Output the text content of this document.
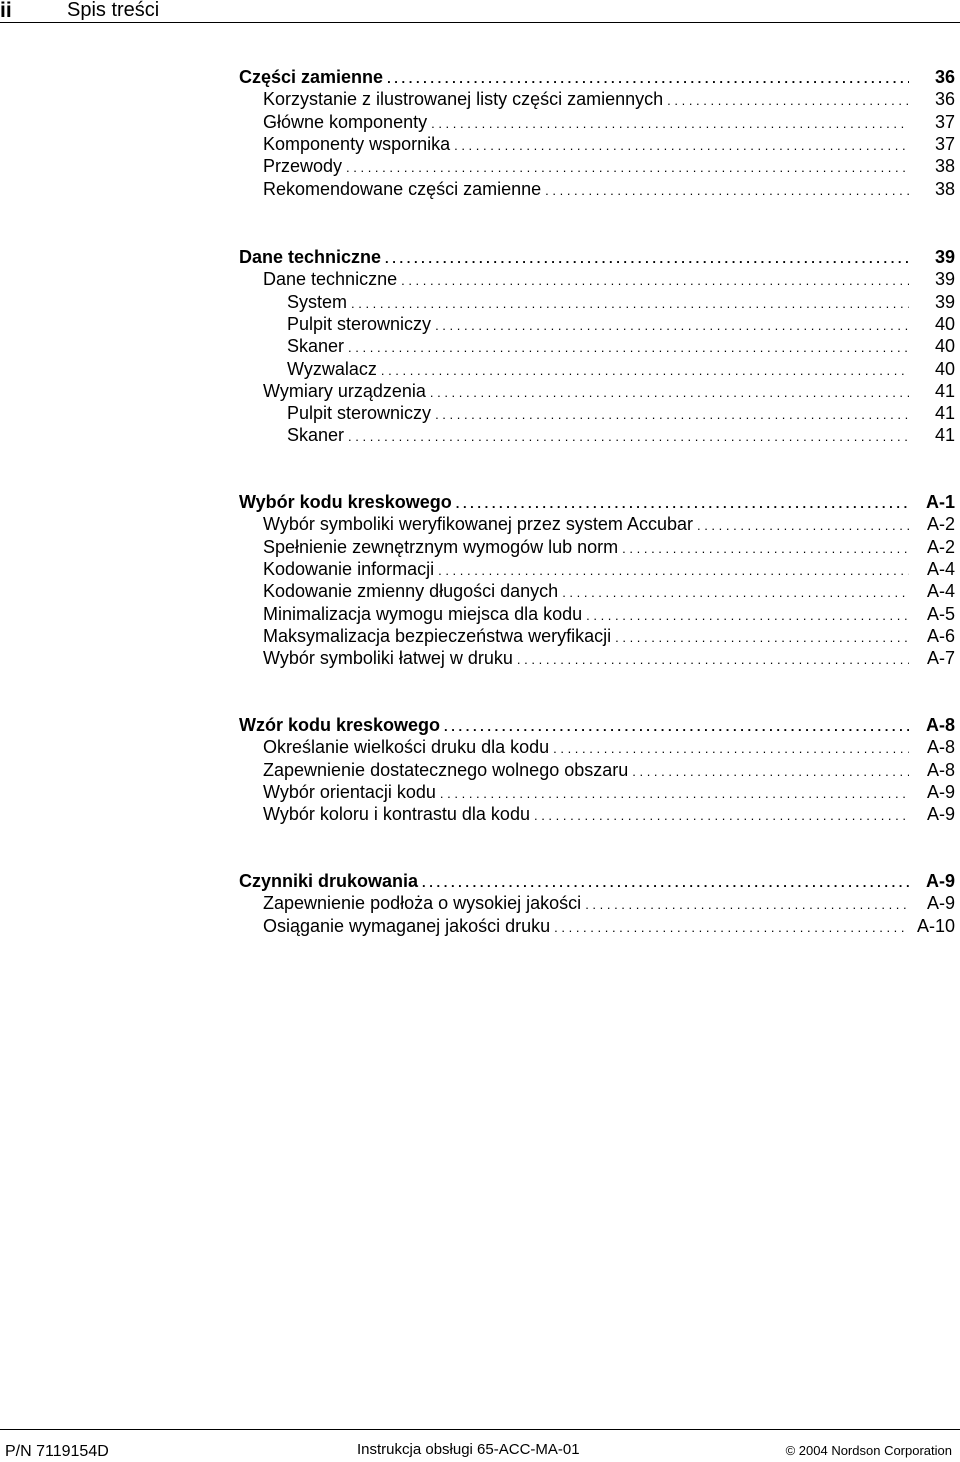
ii	Spis treści
Części zamienne . . .	36
Korzystanie z ilustrowanej listy części zamiennych . . .	36
Główne komponenty . . .	37
Komponenty wspornika . . .	37
Przewody . . .	38
Rekomendowane części zamienne . . .	38
Dane techniczne . . .	39
Dane techniczne . . .	39
System . . .	39
Pulpit sterowniczy . . .	40
Skaner . . .	40
Wyzwalacz . . .	40
Wymiary urządzenia . . .	41
Pulpit sterowniczy . . .	41
Skaner . . .	41
Wybór kodu kreskowego . . .	A-1
Wybór symboliki weryfikowanej przez system Accubar . . .	A-2
Spełnienie zewnętrznym wymogów lub norm . . .	A-2
Kodowanie informacji . . .	A-4
Kodowanie zmienny długości danych . . .	A-4
Minimalizacja wymogu miejsca dla kodu . . .	A-5
Maksymalizacja bezpieczeństwa weryfikacji . . .	A-6
Wybór symboliki łatwej w druku . . .	A-7
Wzór kodu kreskowego . . .	A-8
Określanie wielkości druku dla kodu . . .	A-8
Zapewnienie dostatecznego wolnego obszaru . . .	A-8
Wybór orientacji kodu . . .	A-9
Wybór koloru i kontrastu dla kodu . . .	A-9
Czynniki drukowania . . .	A-9
Zapewnienie podłoża o wysokiej jakości . . .	A-9
Osiąganie wymaganej jakości druku . . .	A-10
P/N 7119154D	Instrukcja obsługi 65-ACC-MA-01	© 2004 Nordson Corporation
